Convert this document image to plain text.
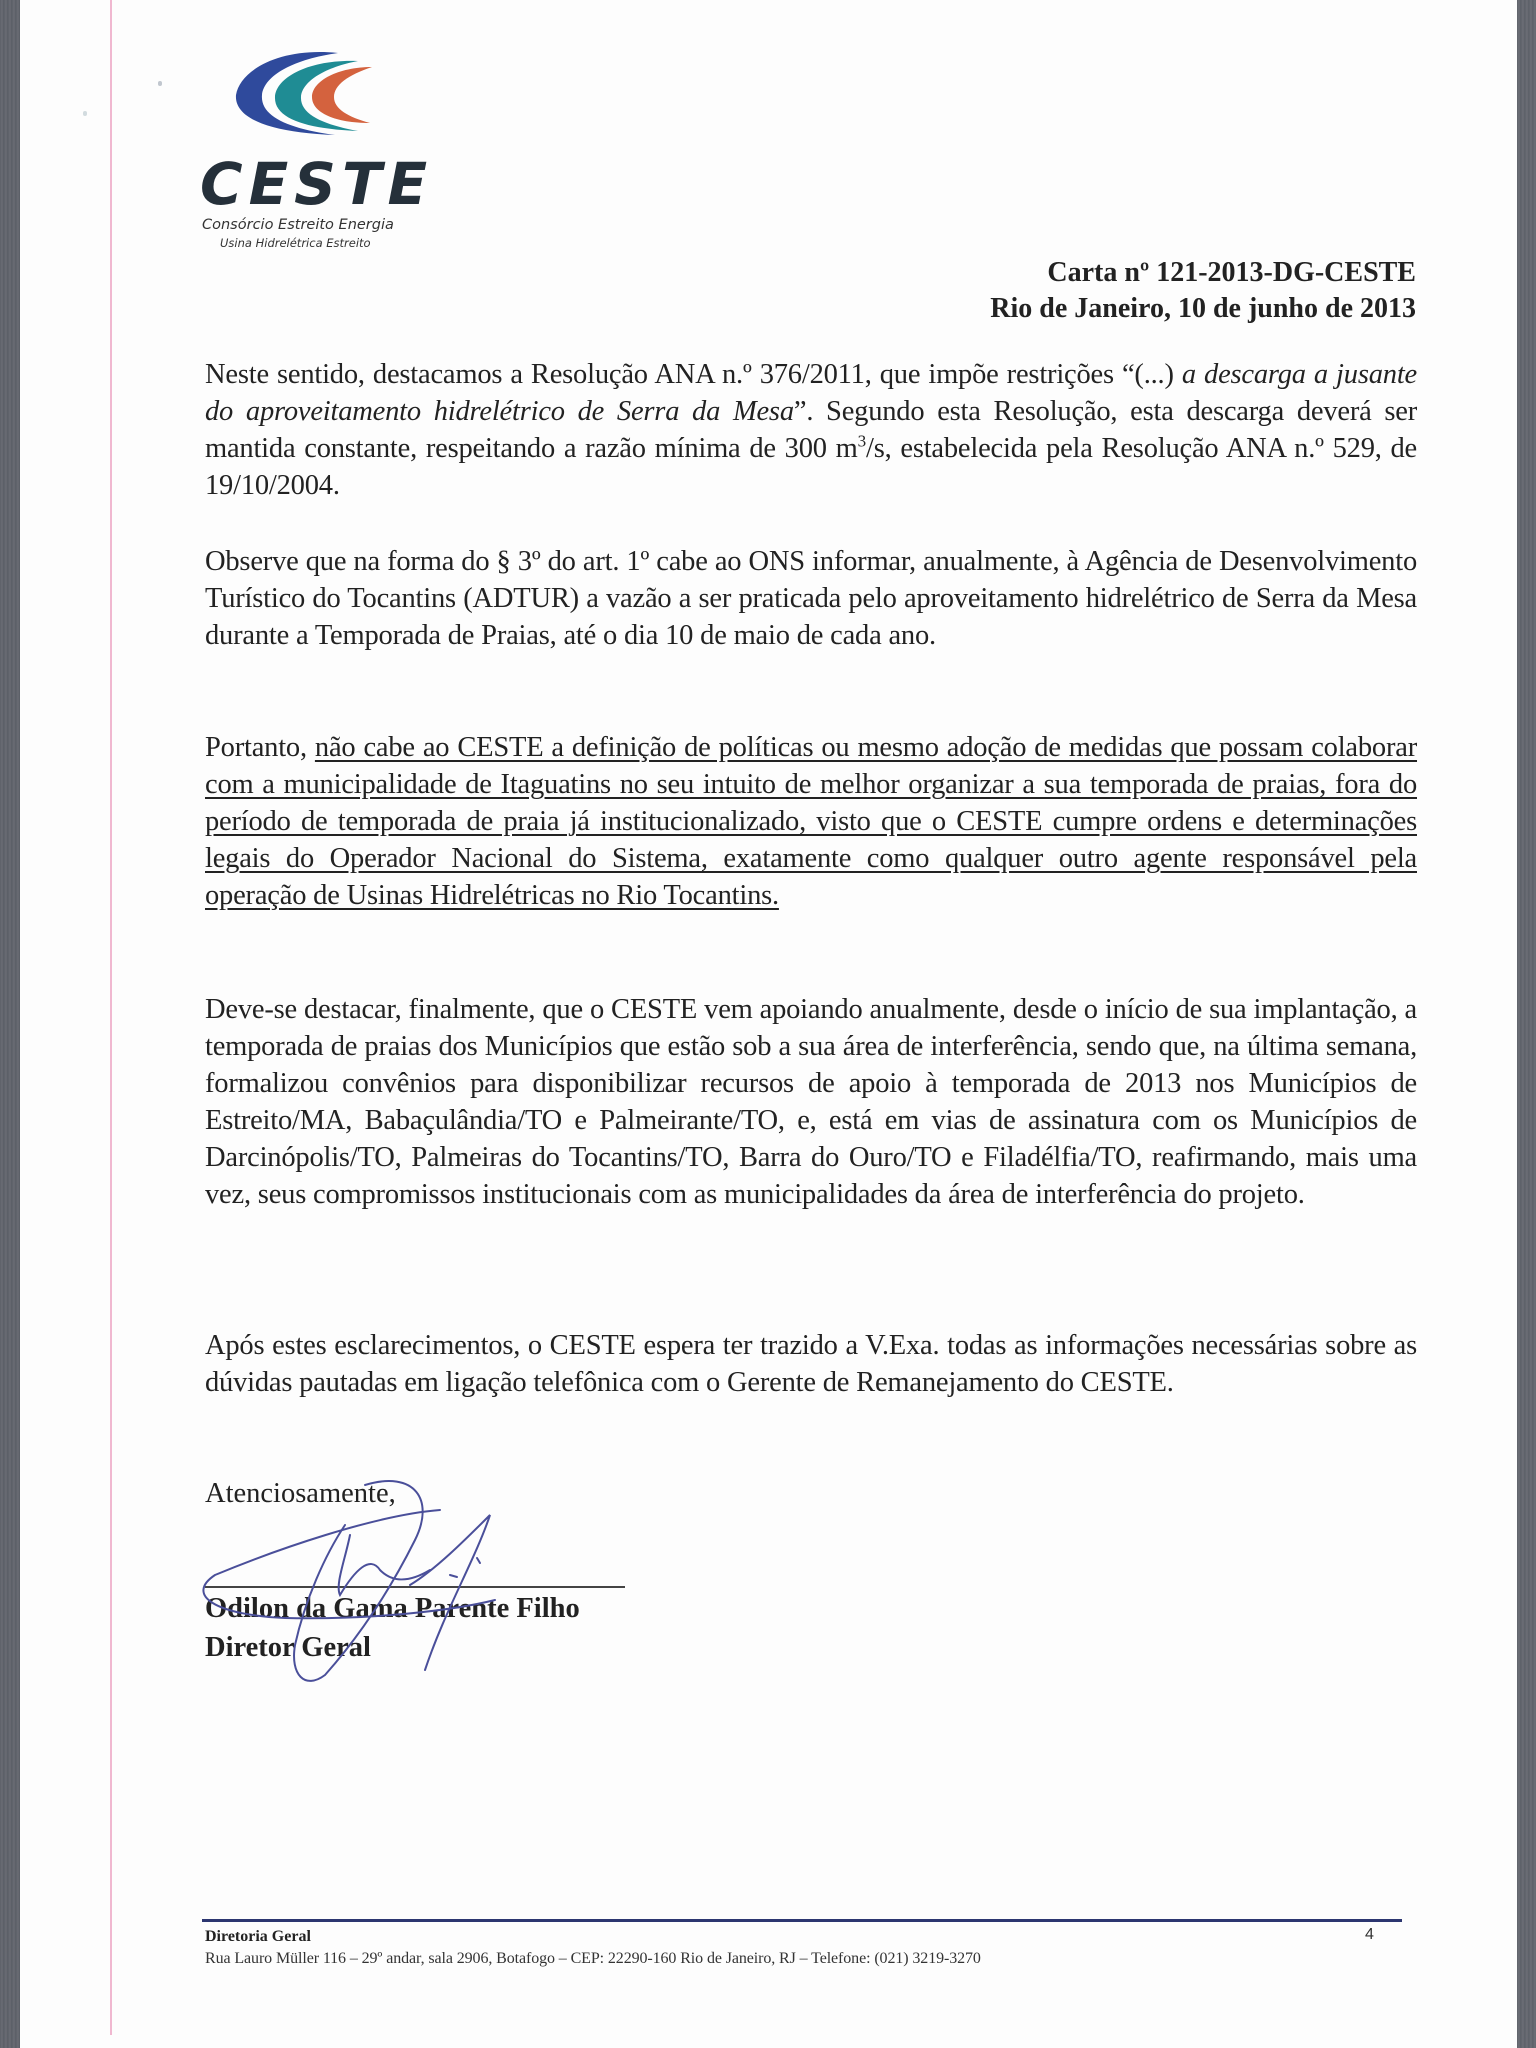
CESTE
Consórcio Estreito Energia
Usina Hidrelétrica Estreito
Carta nº 121-2013-DG-CESTE
Rio de Janeiro, 10 de junho de 2013
Neste sentido, destacamos a Resolução ANA n.º 376/2011, que impõe restrições “(...) a descarga a jusante do aproveitamento hidrelétrico de Serra da Mesa”. Segundo esta Resolução, esta descarga deverá ser mantida constante, respeitando a razão mínima de 300 $m^3/s$, estabelecida pela Resolução ANA n.º 529, de 19/10/2004.
Observe que na forma do § 3º do art. 1º cabe ao ONS informar, anualmente, à Agência de Desenvolvimento Turístico do Tocantins (ADTUR) a vazão a ser praticada pelo aproveitamento hidrelétrico de Serra da Mesa durante a Temporada de Praias, até o dia 10 de maio de cada ano.
Portanto, não cabe ao CESTE a definição de políticas ou mesmo adoção de medidas que possam colaborar com a municipalidade de Itaguatins no seu intuito de melhor organizar a sua temporada de praias, fora do período de temporada de praia já institucionalizado, visto que o CESTE cumpre ordens e determinações legais do Operador Nacional do Sistema, exatamente como qualquer outro agente responsável pela operação de Usinas Hidrelétricas no Rio Tocantins.
Deve-se destacar, finalmente, que o CESTE vem apoiando anualmente, desde o início de sua implantação, a temporada de praias dos Municípios que estão sob a sua área de interferência, sendo que, na última semana, formalizou convênios para disponibilizar recursos de apoio à temporada de 2013 nos Municípios de Estreito/MA, Babaçulândia/TO e Palmeirante/TO, e, está em vias de assinatura com os Municípios de Darcinópolis/TO, Palmeiras do Tocantins/TO, Barra do Ouro/TO e Filadélfia/TO, reafirmando, mais uma vez, seus compromissos institucionais com as municipalidades da área de interferência do projeto.
Após estes esclarecimentos, o CESTE espera ter trazido a V.Exa. todas as informações necessárias sobre as dúvidas pautadas em ligação telefônica com o Gerente de Remanejamento do CESTE.
Atenciosamente,
Odilon da Gama Parente Filho
Diretor Geral
Diretoria Geral
Rua Lauro Müller 116 – 29º andar, sala 2906, Botafogo – CEP: 22290-160 Rio de Janeiro, RJ – Telefone: (021) 3219-3270
4
